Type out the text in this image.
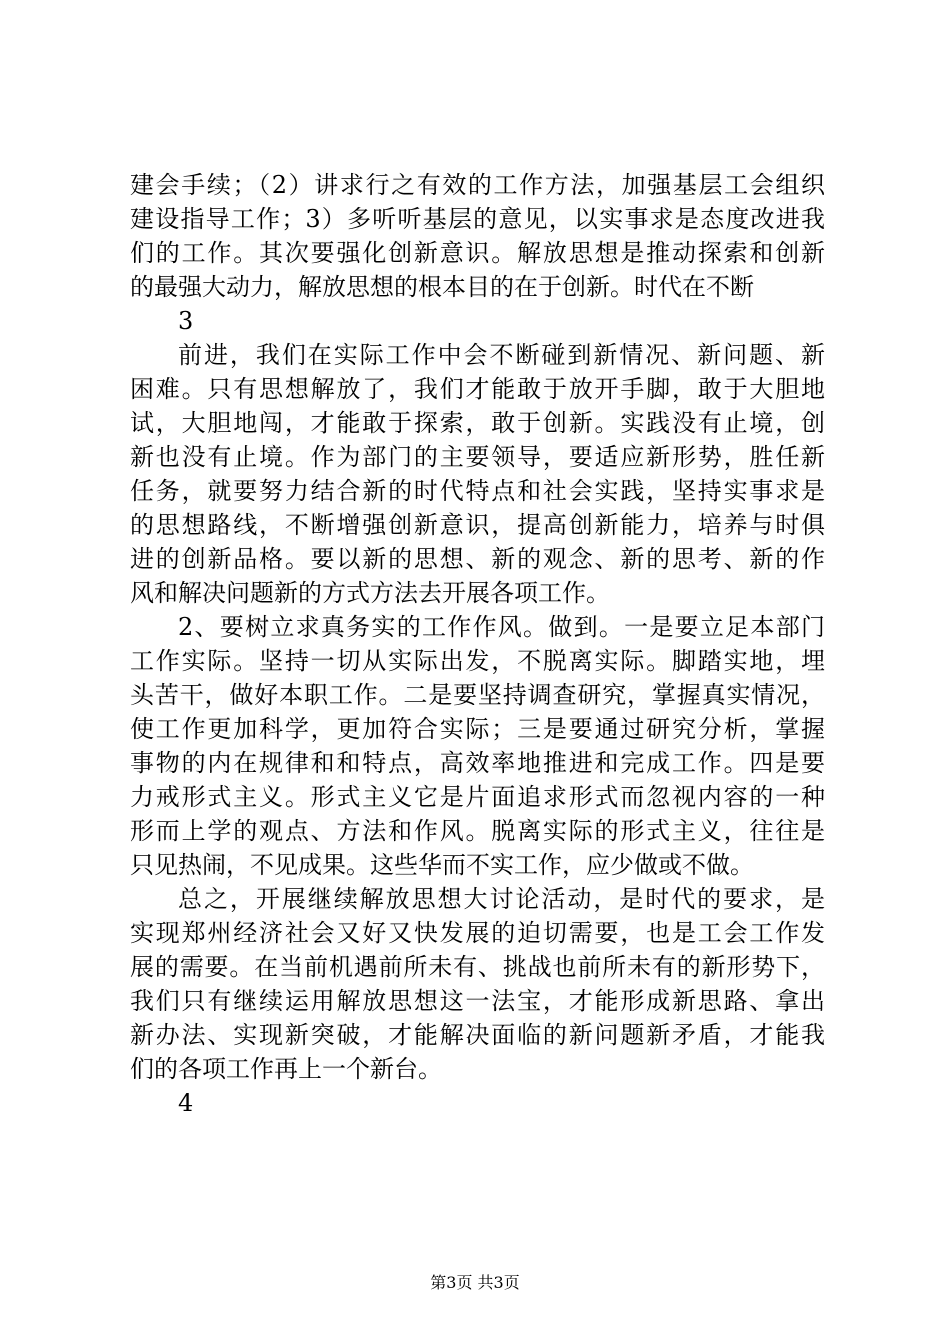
建会手续；（2）讲求行之有效的工作方法，加强基层工会组织
建设指导工作；3）多听听基层的意见，以实事求是态度改进我
们的工作。其次要强化创新意识。解放思想是推动探索和创新
的最强大动力，解放思想的根本目的在于创新。时代在不断
3
前进，我们在实际工作中会不断碰到新情况、新问题、新
困难。只有思想解放了，我们才能敢于放开手脚，敢于大胆地
试，大胆地闯，才能敢于探索，敢于创新。实践没有止境，创
新也没有止境。作为部门的主要领导，要适应新形势，胜任新
任务，就要努力结合新的时代特点和社会实践，坚持实事求是
的思想路线，不断增强创新意识，提高创新能力，培养与时俱
进的创新品格。要以新的思想、新的观念、新的思考、新的作
风和解决问题新的方式方法去开展各项工作。
2、要树立求真务实的工作作风。做到。一是要立足本部门
工作实际。坚持一切从实际出发，不脱离实际。脚踏实地，埋
头苦干，做好本职工作。二是要坚持调查研究，掌握真实情况，
使工作更加科学，更加符合实际；三是要通过研究分析，掌握
事物的内在规律和和特点，高效率地推进和完成工作。四是要
力戒形式主义。形式主义它是片面追求形式而忽视内容的一种
形而上学的观点、方法和作风。脱离实际的形式主义，往往是
只见热闹，不见成果。这些华而不实工作，应少做或不做。
总之，开展继续解放思想大讨论活动，是时代的要求，是
实现郑州经济社会又好又快发展的迫切需要，也是工会工作发
展的需要。在当前机遇前所未有、挑战也前所未有的新形势下，
我们只有继续运用解放思想这一法宝，才能形成新思路、拿出
新办法、实现新突破，才能解决面临的新问题新矛盾，才能我
们的各项工作再上一个新台。
4
第3页 共3页
